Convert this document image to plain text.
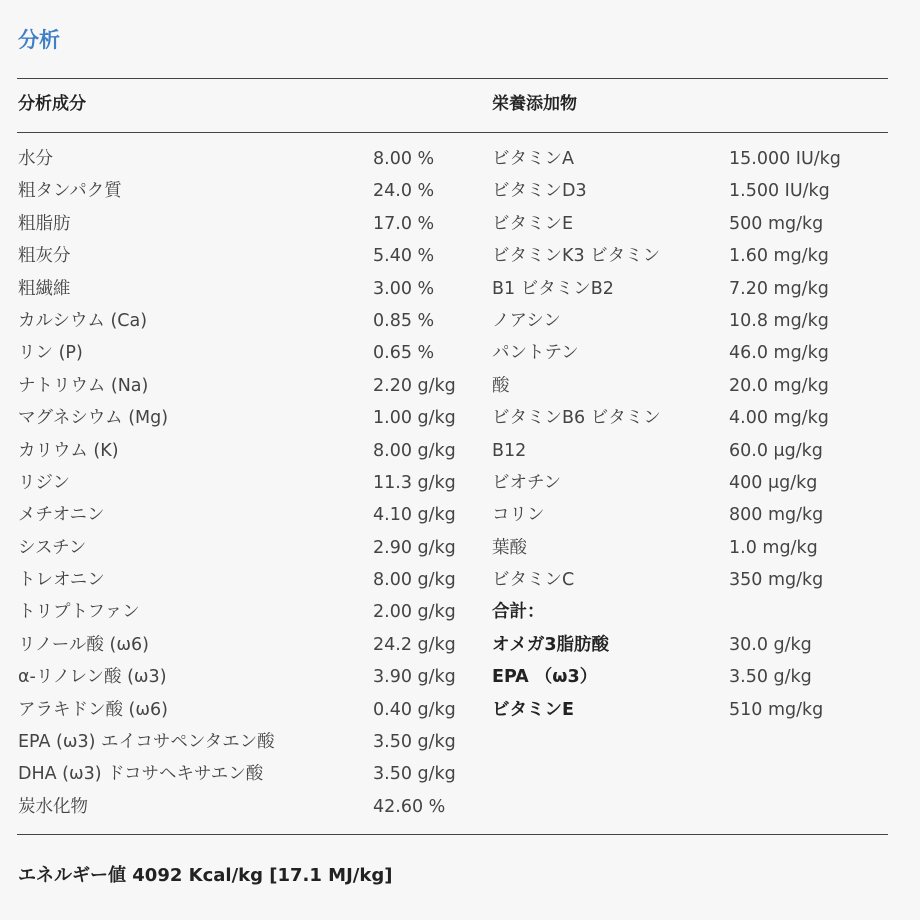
分析
分析成分	栄養添加物
水分	8.00 %
粗タンパク質	24.0 %
粗脂肪	17.0 %
粗灰分	5.40 %
粗繊維	3.00 %
カルシウム (Ca)	0.85 %
リン (P)	0.65 %
ナトリウム (Na)	2.20 g/kg
マグネシウム (Mg)	1.00 g/kg
カリウム (K)	8.00 g/kg
リジン	11.3 g/kg
メチオニン	4.10 g/kg
シスチン	2.90 g/kg
トレオニン	8.00 g/kg
トリプトファン	2.00 g/kg
リノール酸 (ω6)	24.2 g/kg
α-リノレン酸 (ω3)	3.90 g/kg
アラキドン酸 (ω6)	0.40 g/kg
EPA (ω3) エイコサペンタエン酸	3.50 g/kg
DHA (ω3) ドコサヘキサエン酸	3.50 g/kg
炭水化物	42.60 %
ビタミンA	15.000 IU/kg
ビタミンD3	1.500 IU/kg
ビタミンE	500 mg/kg
ビタミンK3 ビタミン	1.60 mg/kg
B1 ビタミンB2	7.20 mg/kg
ノアシン	10.8 mg/kg
パントテン	46.0 mg/kg
酸	20.0 mg/kg
ビタミンB6 ビタミン	4.00 mg/kg
B12	60.0 μg/kg
ビオチン	400 μg/kg
コリン	800 mg/kg
葉酸	1.0 mg/kg
ビタミンC	350 mg/kg
合計：
オメガ3脂肪酸	30.0 g/kg
EPA （ω3）	3.50 g/kg
ビタミンE	510 mg/kg
エネルギー値 4092 Kcal/kg [17.1 MJ/kg]
